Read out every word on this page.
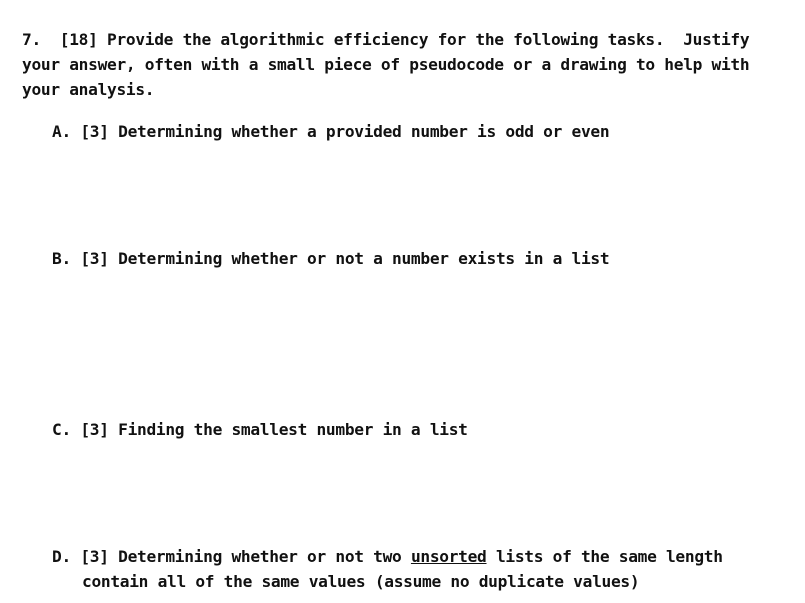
7.  [18] Provide the algorithmic efficiency for the following tasks.  Justify
your answer, often with a small piece of pseudocode or a drawing to help with
your analysis.
A. [3] Determining whether a provided number is odd or even
B. [3] Determining whether or not a number exists in a list
C. [3] Finding the smallest number in a list
D. [3] Determining whether or not two unsorted lists of the same length
contain all of the same values (assume no duplicate values)
